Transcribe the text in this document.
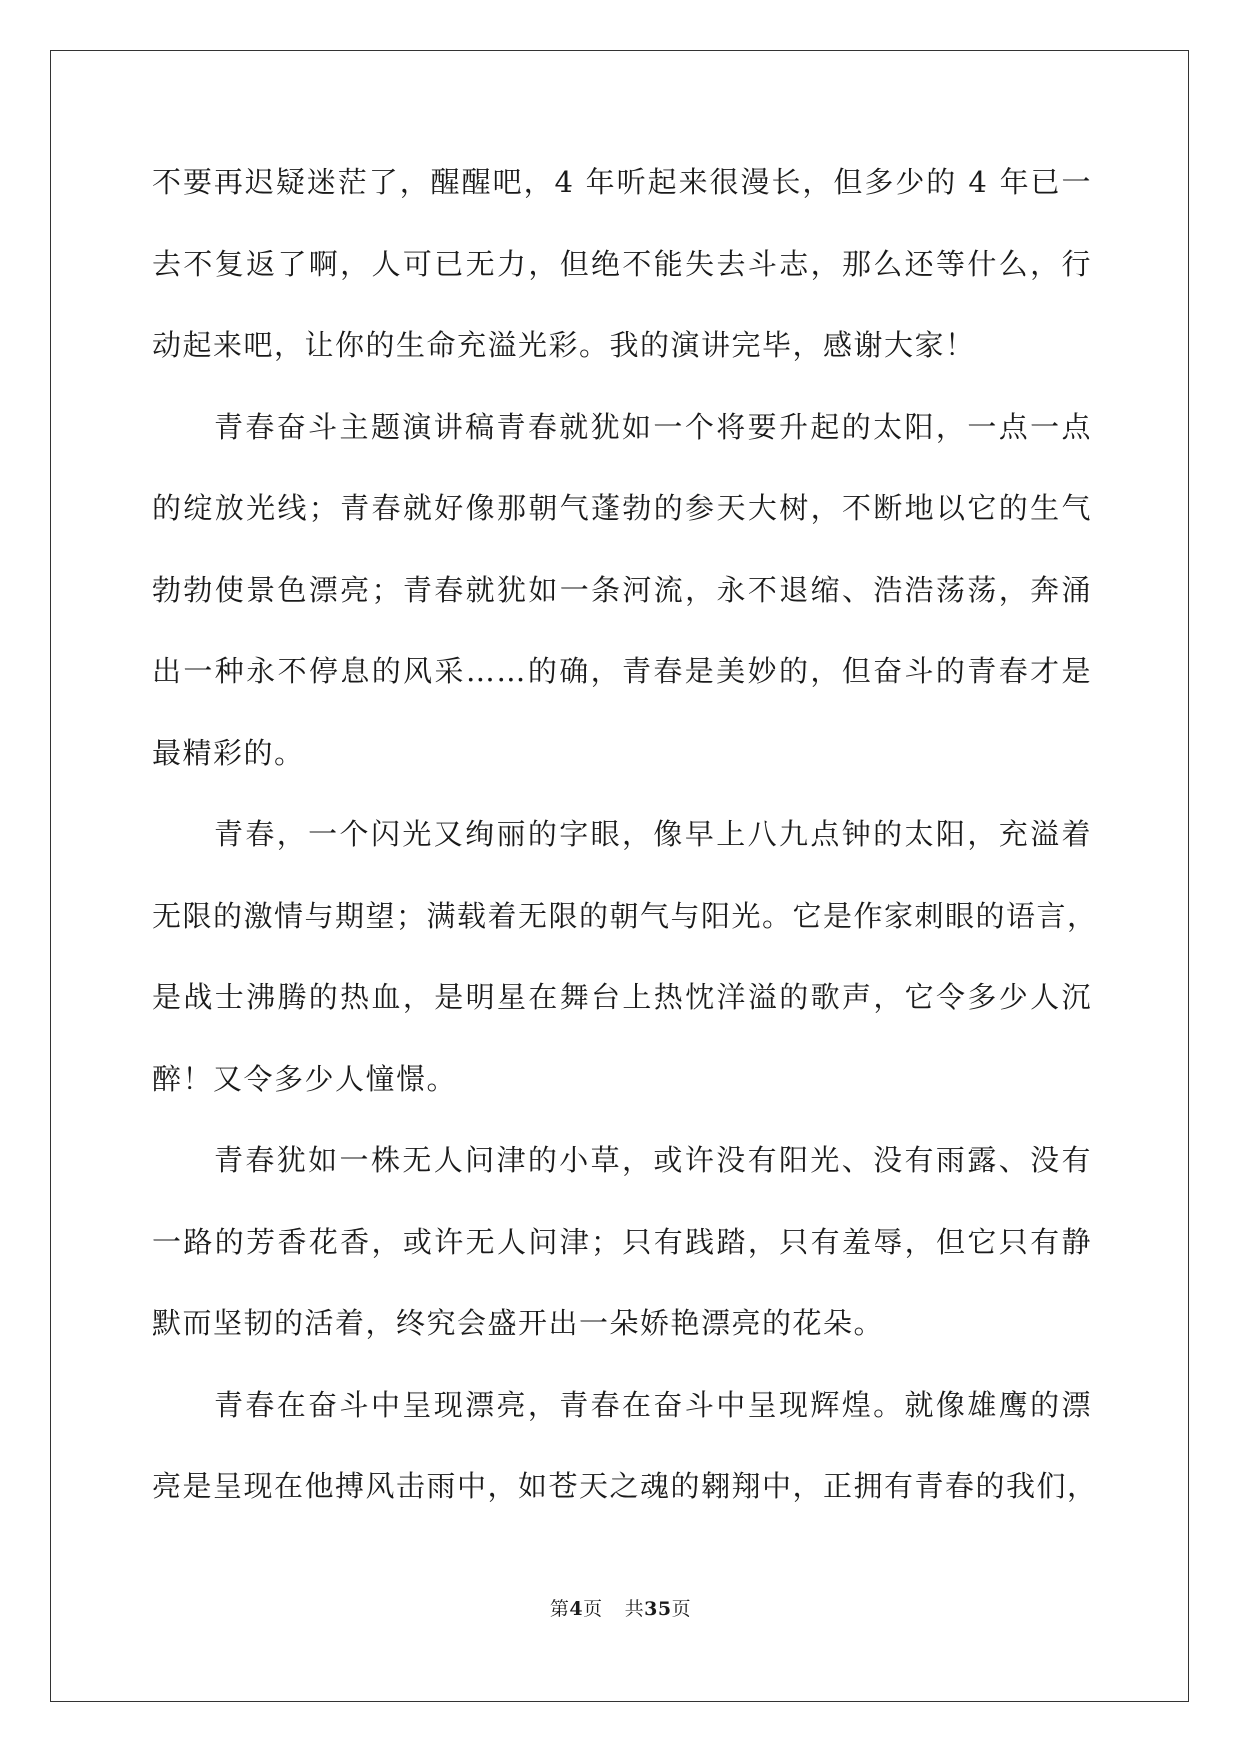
不要再迟疑迷茫了，醒醒吧，4 年听起来很漫长，但多少的 4 年已一
去不复返了啊，人可已无力，但绝不能失去斗志，那么还等什么，行
动起来吧，让你的生命充溢光彩。我的演讲完毕，感谢大家！
青春奋斗主题演讲稿青春就犹如一个将要升起的太阳，一点一点
的绽放光线；青春就好像那朝气蓬勃的参天大树，不断地以它的生气
勃勃使景色漂亮；青春就犹如一条河流，永不退缩、浩浩荡荡，奔涌
出一种永不停息的风采……的确，青春是美妙的，但奋斗的青春才是
最精彩的。
青春，一个闪光又绚丽的字眼，像早上八九点钟的太阳，充溢着
无限的激情与期望；满载着无限的朝气与阳光。它是作家刺眼的语言，
是战士沸腾的热血，是明星在舞台上热忱洋溢的歌声，它令多少人沉
醉！又令多少人憧憬。
青春犹如一株无人问津的小草，或许没有阳光、没有雨露、没有
一路的芳香花香，或许无人问津；只有践踏，只有羞辱，但它只有静
默而坚韧的活着，终究会盛开出一朵娇艳漂亮的花朵。
青春在奋斗中呈现漂亮，青春在奋斗中呈现辉煌。就像雄鹰的漂
亮是呈现在他搏风击雨中，如苍天之魂的翱翔中，正拥有青春的我们，
第4页 共35页
